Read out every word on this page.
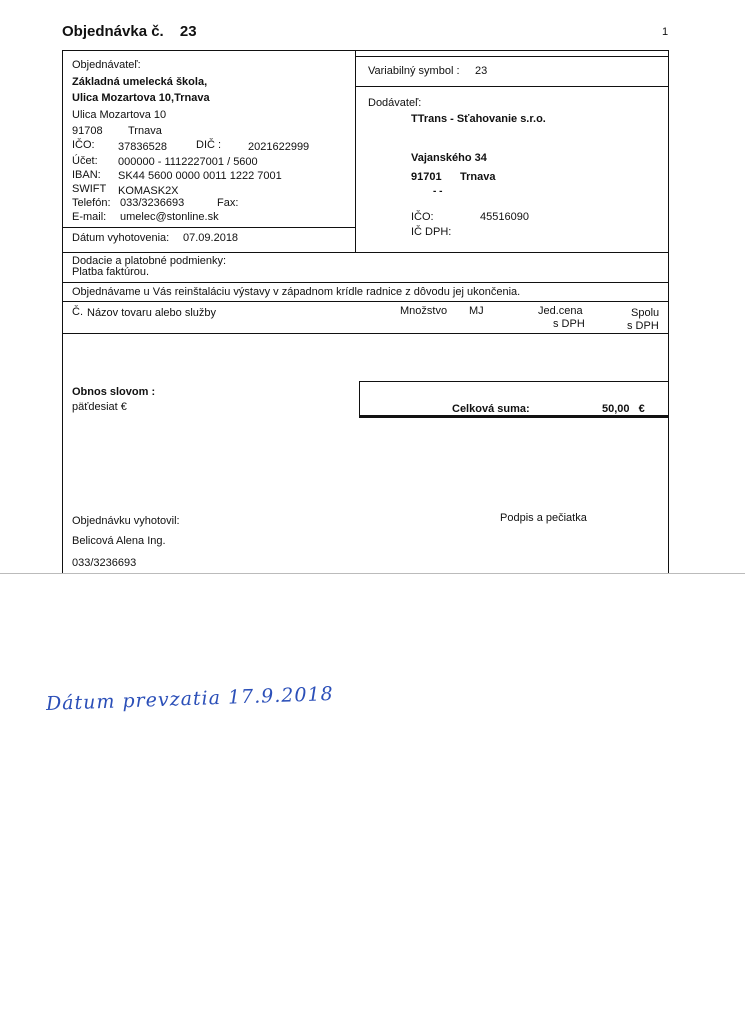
Objednávka č. 23	1
Objednávateľ:
Základná umelecká škola,
Ulica Mozartova 10,Trnava
Ulica Mozartova 10
91708 Trnava
IČO: 37836528	DIČ : 2021622999
Účet: 000000 - 1112227001 / 5600
IBAN: SK44 5600 0000 0011 1222 7001
SWIFT KOMASK2X
Telefón: 033/3236693	Fax:
E-mail: umelec@stonline.sk
Dátum vyhotovenia: 07.09.2018
Variabilný symbol : 23
Dodávateľ:
TTrans - Sťahovanie s.r.o.
Vajanského 34
91701 Trnava
- -
IČO:	45516090
IČ DPH:
Dodacie a platobné podmienky:
Platba faktúrou.
Objednávame u Vás reinštaláciu výstavy v západnom krídle radnice z dôvodu jej ukončenia.
Č. Názov tovaru alebo služby	Množstvo MJ	Jed.cena
s DPH
Spolu
s DPH
Obnos slovom :
päťdesiat €	Celková suma:	50,00 €
Objednávku vyhotovil:	Podpis a pečiatka
Belicová Alena Ing.
033/3236693
Dátum prevzatia 17.9.2018
